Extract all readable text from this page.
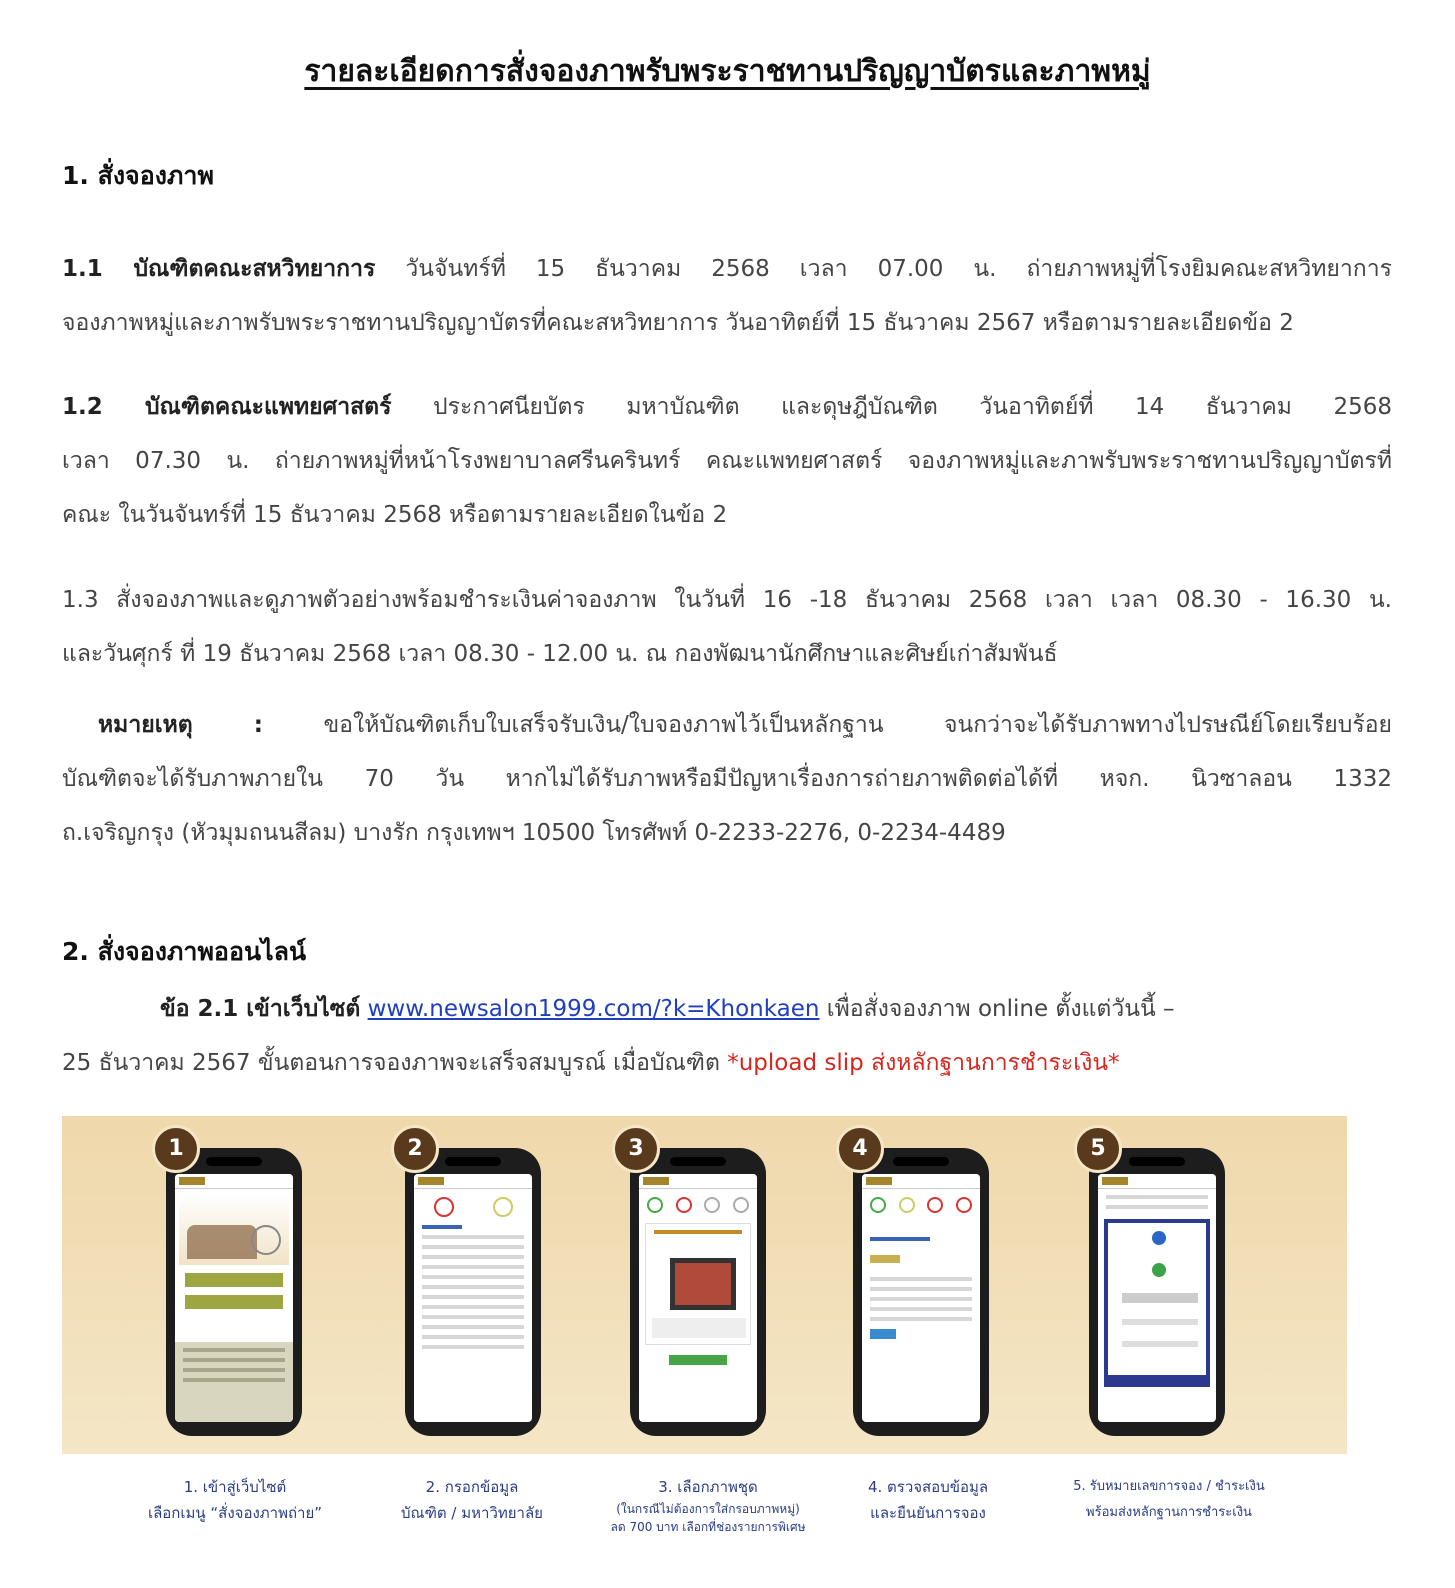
รายละเอียดการสั่งจองภาพรับพระราชทานปริญญาบัตรและภาพหมู่
1. สั่งจองภาพ
1.1 บัณฑิตคณะสหวิทยาการ วันจันทร์ที่ 15 ธันวาคม 2568 เวลา 07.00 น. ถ่ายภาพหมู่ที่โรงยิมคณะสหวิทยาการ
จองภาพหมู่และภาพรับพระราชทานปริญญาบัตรที่คณะสหวิทยาการ วันอาทิตย์ที่ 15 ธันวาคม 2567 หรือตามรายละเอียดข้อ 2
1.2 บัณฑิตคณะแพทยศาสตร์ ประกาศนียบัตร มหาบัณฑิต และดุษฎีบัณฑิต วันอาทิตย์ที่ 14 ธันวาคม 2568
เวลา 07.30 น. ถ่ายภาพหมู่ที่หน้าโรงพยาบาลศรีนครินทร์ คณะแพทยศาสตร์ จองภาพหมู่และภาพรับพระราชทานปริญญาบัตรที่
คณะ ในวันจันทร์ที่ 15 ธันวาคม 2568 หรือตามรายละเอียดในข้อ 2
1.3 สั่งจองภาพและดูภาพตัวอย่างพร้อมชำระเงินค่าจองภาพ ในวันที่ 16 -18 ธันวาคม 2568 เวลา เวลา 08.30 - 16.30 น.
และวันศุกร์ ที่ 19 ธันวาคม 2568 เวลา 08.30 - 12.00 น. ณ กองพัฒนานักศึกษาและศิษย์เก่าสัมพันธ์
หมายเหตุ : ขอให้บัณฑิตเก็บใบเสร็จรับเงิน/ใบจองภาพไว้เป็นหลักฐาน จนกว่าจะได้รับภาพทางไปรษณีย์โดยเรียบร้อย
บัณฑิตจะได้รับภาพภายใน 70 วัน หากไม่ได้รับภาพหรือมีปัญหาเรื่องการถ่ายภาพติดต่อได้ที่ หจก. นิวซาลอน 1332
ถ.เจริญกรุง (หัวมุมถนนสีลม) บางรัก กรุงเทพฯ 10500 โทรศัพท์ 0-2233-2276, 0-2234-4489
2. สั่งจองภาพออนไลน์
ข้อ 2.1 เข้าเว็บไซต์ www.newsalon1999.com/?k=Khonkaen เพื่อสั่งจองภาพ online ตั้งแต่วันนี้ –
25 ธันวาคม 2567 ขั้นตอนการจองภาพจะเสร็จสมบูรณ์ เมื่อบัณฑิต *upload slip ส่งหลักฐานการชำระเงิน*
1	2	3	4	5
1. เข้าสู่เว็บไซต์
เลือกเมนู “สั่งจองภาพถ่าย”
2. กรอกข้อมูล
บัณฑิต / มหาวิทยาลัย
3. เลือกภาพชุด
(ในกรณีไม่ต้องการใส่กรอบภาพหมู่)
ลด 700 บาท เลือกที่ช่องรายการพิเศษ
4. ตรวจสอบข้อมูล
และยืนยันการจอง
5. รับหมายเลขการจอง / ชำระเงิน
พร้อมส่งหลักฐานการชำระเงิน
